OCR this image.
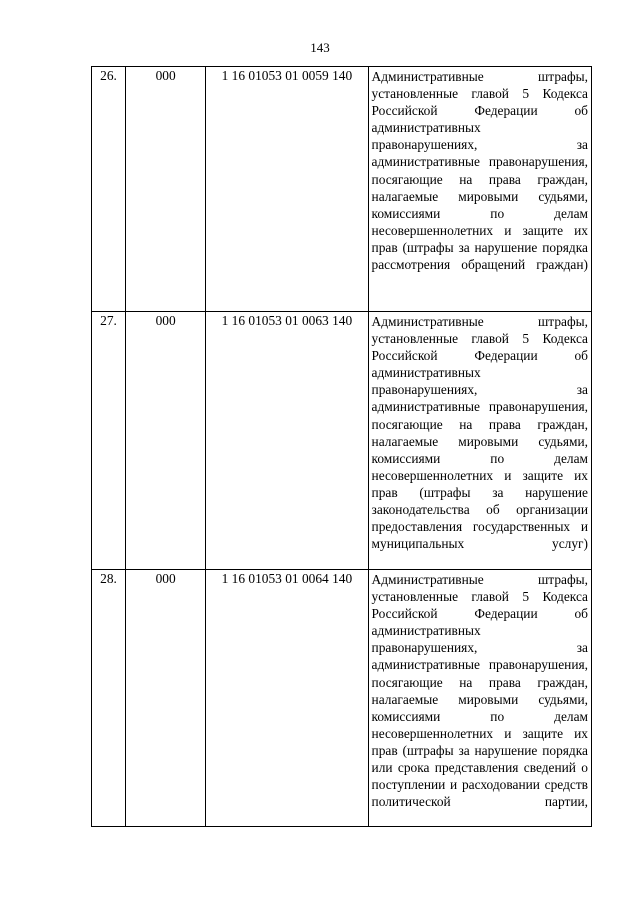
143
26.	000	1 16 01053 01 0059 140	Административные штрафы, установленные главой 5 Кодекса Российской Федерации об административных правонарушениях, за административные правонарушения, посягающие на права граждан, налагаемые мировыми судьями, комиссиями по делам несовершеннолетних и защите их прав (штрафы за нарушение порядка рассмотрения обращений граждан)

27.	000	1 16 01053 01 0063 140	Административные штрафы, установленные главой 5 Кодекса Российской Федерации об административных правонарушениях, за административные правонарушения, посягающие на права граждан, налагаемые мировыми судьями, комиссиями по делам несовершеннолетних и защите их прав (штрафы за нарушение законодательства об организации предоставления государственных и муниципальных услуг)

28.	000	1 16 01053 01 0064 140	Административные штрафы, установленные главой 5 Кодекса Российской Федерации об административных правонарушениях, за административные правонарушения, посягающие на права граждан, налагаемые мировыми судьями, комиссиями по делам несовершеннолетних и защите их прав (штрафы за нарушение порядка или срока представления сведений о поступлении и расходовании средств политической партии,
